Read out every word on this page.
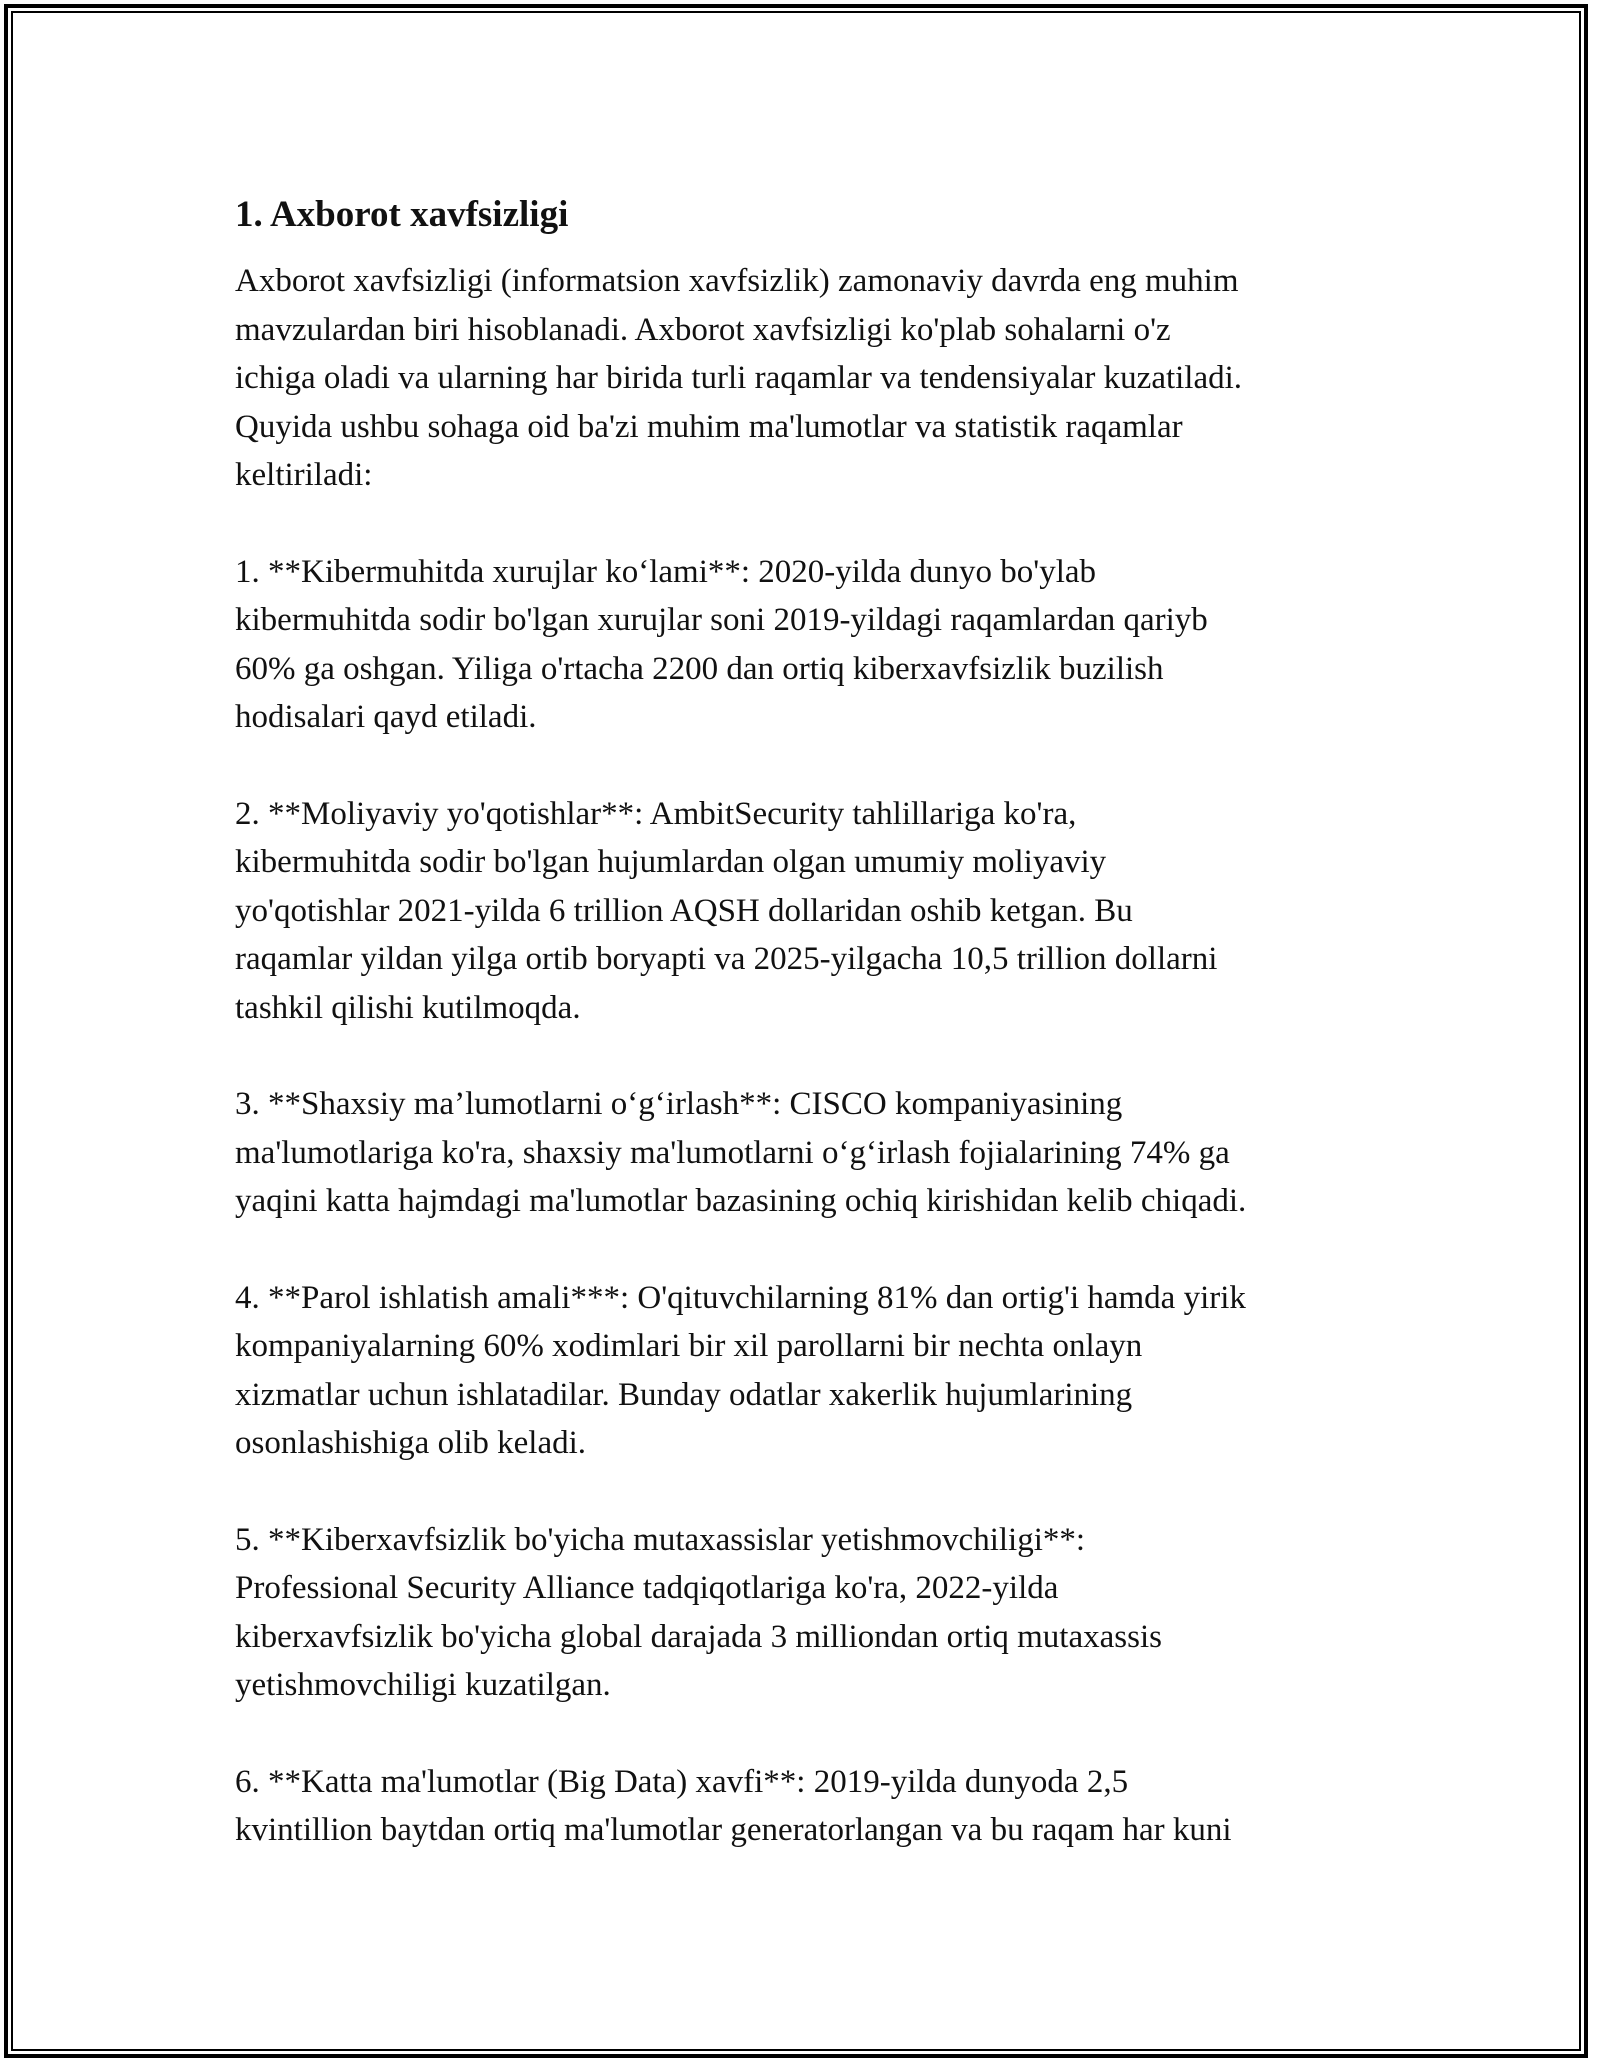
1. Axborot xavfsizligi
Axborot xavfsizligi (informatsion xavfsizlik) zamonaviy davrda eng muhim
mavzulardan biri hisoblanadi. Axborot xavfsizligi ko'plab sohalarni o'z
ichiga oladi va ularning har birida turli raqamlar va tendensiyalar kuzatiladi.
Quyida ushbu sohaga oid ba'zi muhim ma'lumotlar va statistik raqamlar
keltiriladi:
1. **Kibermuhitda xurujlar ko‘lami**: 2020-yilda dunyo bo'ylab
kibermuhitda sodir bo'lgan xurujlar soni 2019-yildagi raqamlardan qariyb
60% ga oshgan. Yiliga o'rtacha 2200 dan ortiq kiberxavfsizlik buzilish
hodisalari qayd etiladi.
2. **Moliyaviy yo'qotishlar**: AmbitSecurity tahlillariga ko'ra,
kibermuhitda sodir bo'lgan hujumlardan olgan umumiy moliyaviy
yo'qotishlar 2021-yilda 6 trillion AQSH dollaridan oshib ketgan. Bu
raqamlar yildan yilga ortib boryapti va 2025-yilgacha 10,5 trillion dollarni
tashkil qilishi kutilmoqda.
3. **Shaxsiy ma’lumotlarni o‘g‘irlash**: CISCO kompaniyasining
ma'lumotlariga ko'ra, shaxsiy ma'lumotlarni o‘g‘irlash fojialarining 74% ga
yaqini katta hajmdagi ma'lumotlar bazasining ochiq kirishidan kelib chiqadi.
4. **Parol ishlatish amali***: O'qituvchilarning 81% dan ortig'i hamda yirik
kompaniyalarning 60% xodimlari bir xil parollarni bir nechta onlayn
xizmatlar uchun ishlatadilar. Bunday odatlar xakerlik hujumlarining
osonlashishiga olib keladi.
5. **Kiberxavfsizlik bo'yicha mutaxassislar yetishmovchiligi**:
Professional Security Alliance tadqiqotlariga ko'ra, 2022-yilda
kiberxavfsizlik bo'yicha global darajada 3 milliondan ortiq mutaxassis
yetishmovchiligi kuzatilgan.
6. **Katta ma'lumotlar (Big Data) xavfi**: 2019-yilda dunyoda 2,5
kvintillion baytdan ortiq ma'lumotlar generatorlangan va bu raqam har kuni
